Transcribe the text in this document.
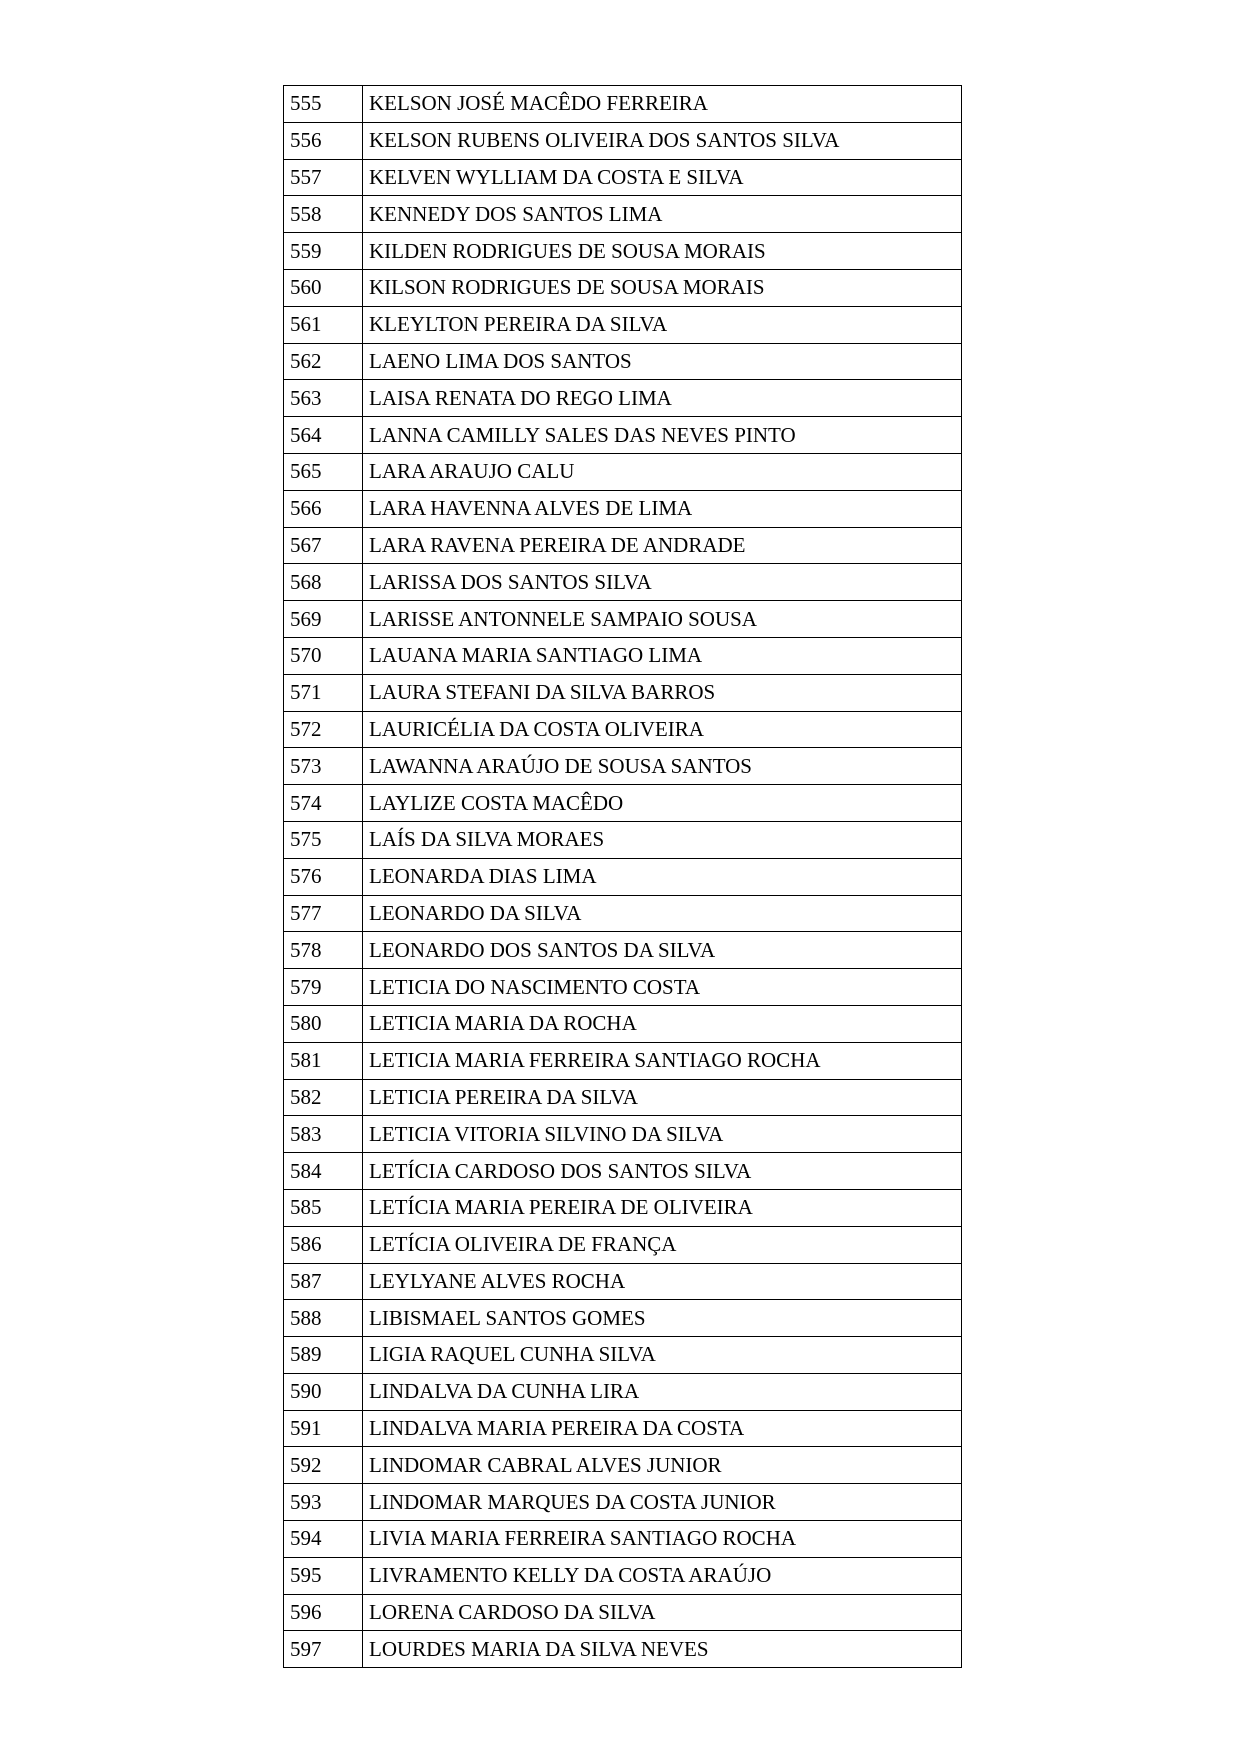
555	KELSON JOSÉ MACÊDO FERREIRA
556	KELSON RUBENS OLIVEIRA DOS SANTOS SILVA
557	KELVEN WYLLIAM DA COSTA E SILVA
558	KENNEDY DOS SANTOS LIMA
559	KILDEN RODRIGUES DE SOUSA MORAIS
560	KILSON RODRIGUES DE SOUSA MORAIS
561	KLEYLTON PEREIRA DA SILVA
562	LAENO LIMA DOS SANTOS
563	LAISA RENATA DO REGO LIMA
564	LANNA CAMILLY SALES DAS NEVES PINTO
565	LARA ARAUJO CALU
566	LARA HAVENNA ALVES DE LIMA
567	LARA RAVENA PEREIRA DE ANDRADE
568	LARISSA DOS SANTOS SILVA
569	LARISSE ANTONNELE SAMPAIO SOUSA
570	LAUANA MARIA SANTIAGO LIMA
571	LAURA STEFANI DA SILVA BARROS
572	LAURICÉLIA DA COSTA OLIVEIRA
573	LAWANNA ARAÚJO DE SOUSA SANTOS
574	LAYLIZE COSTA MACÊDO
575	LAÍS DA SILVA MORAES
576	LEONARDA DIAS LIMA
577	LEONARDO DA SILVA
578	LEONARDO DOS SANTOS DA SILVA
579	LETICIA DO NASCIMENTO COSTA
580	LETICIA MARIA DA ROCHA
581	LETICIA MARIA FERREIRA SANTIAGO ROCHA
582	LETICIA PEREIRA DA SILVA
583	LETICIA VITORIA SILVINO DA SILVA
584	LETÍCIA CARDOSO DOS SANTOS SILVA
585	LETÍCIA MARIA PEREIRA DE OLIVEIRA
586	LETÍCIA OLIVEIRA DE FRANÇA
587	LEYLYANE ALVES ROCHA
588	LIBISMAEL SANTOS GOMES
589	LIGIA RAQUEL CUNHA SILVA
590	LINDALVA DA CUNHA LIRA
591	LINDALVA MARIA PEREIRA DA COSTA
592	LINDOMAR CABRAL ALVES JUNIOR
593	LINDOMAR MARQUES DA COSTA JUNIOR
594	LIVIA MARIA FERREIRA SANTIAGO ROCHA
595	LIVRAMENTO KELLY DA COSTA ARAÚJO
596	LORENA CARDOSO DA SILVA
597	LOURDES MARIA DA SILVA NEVES
